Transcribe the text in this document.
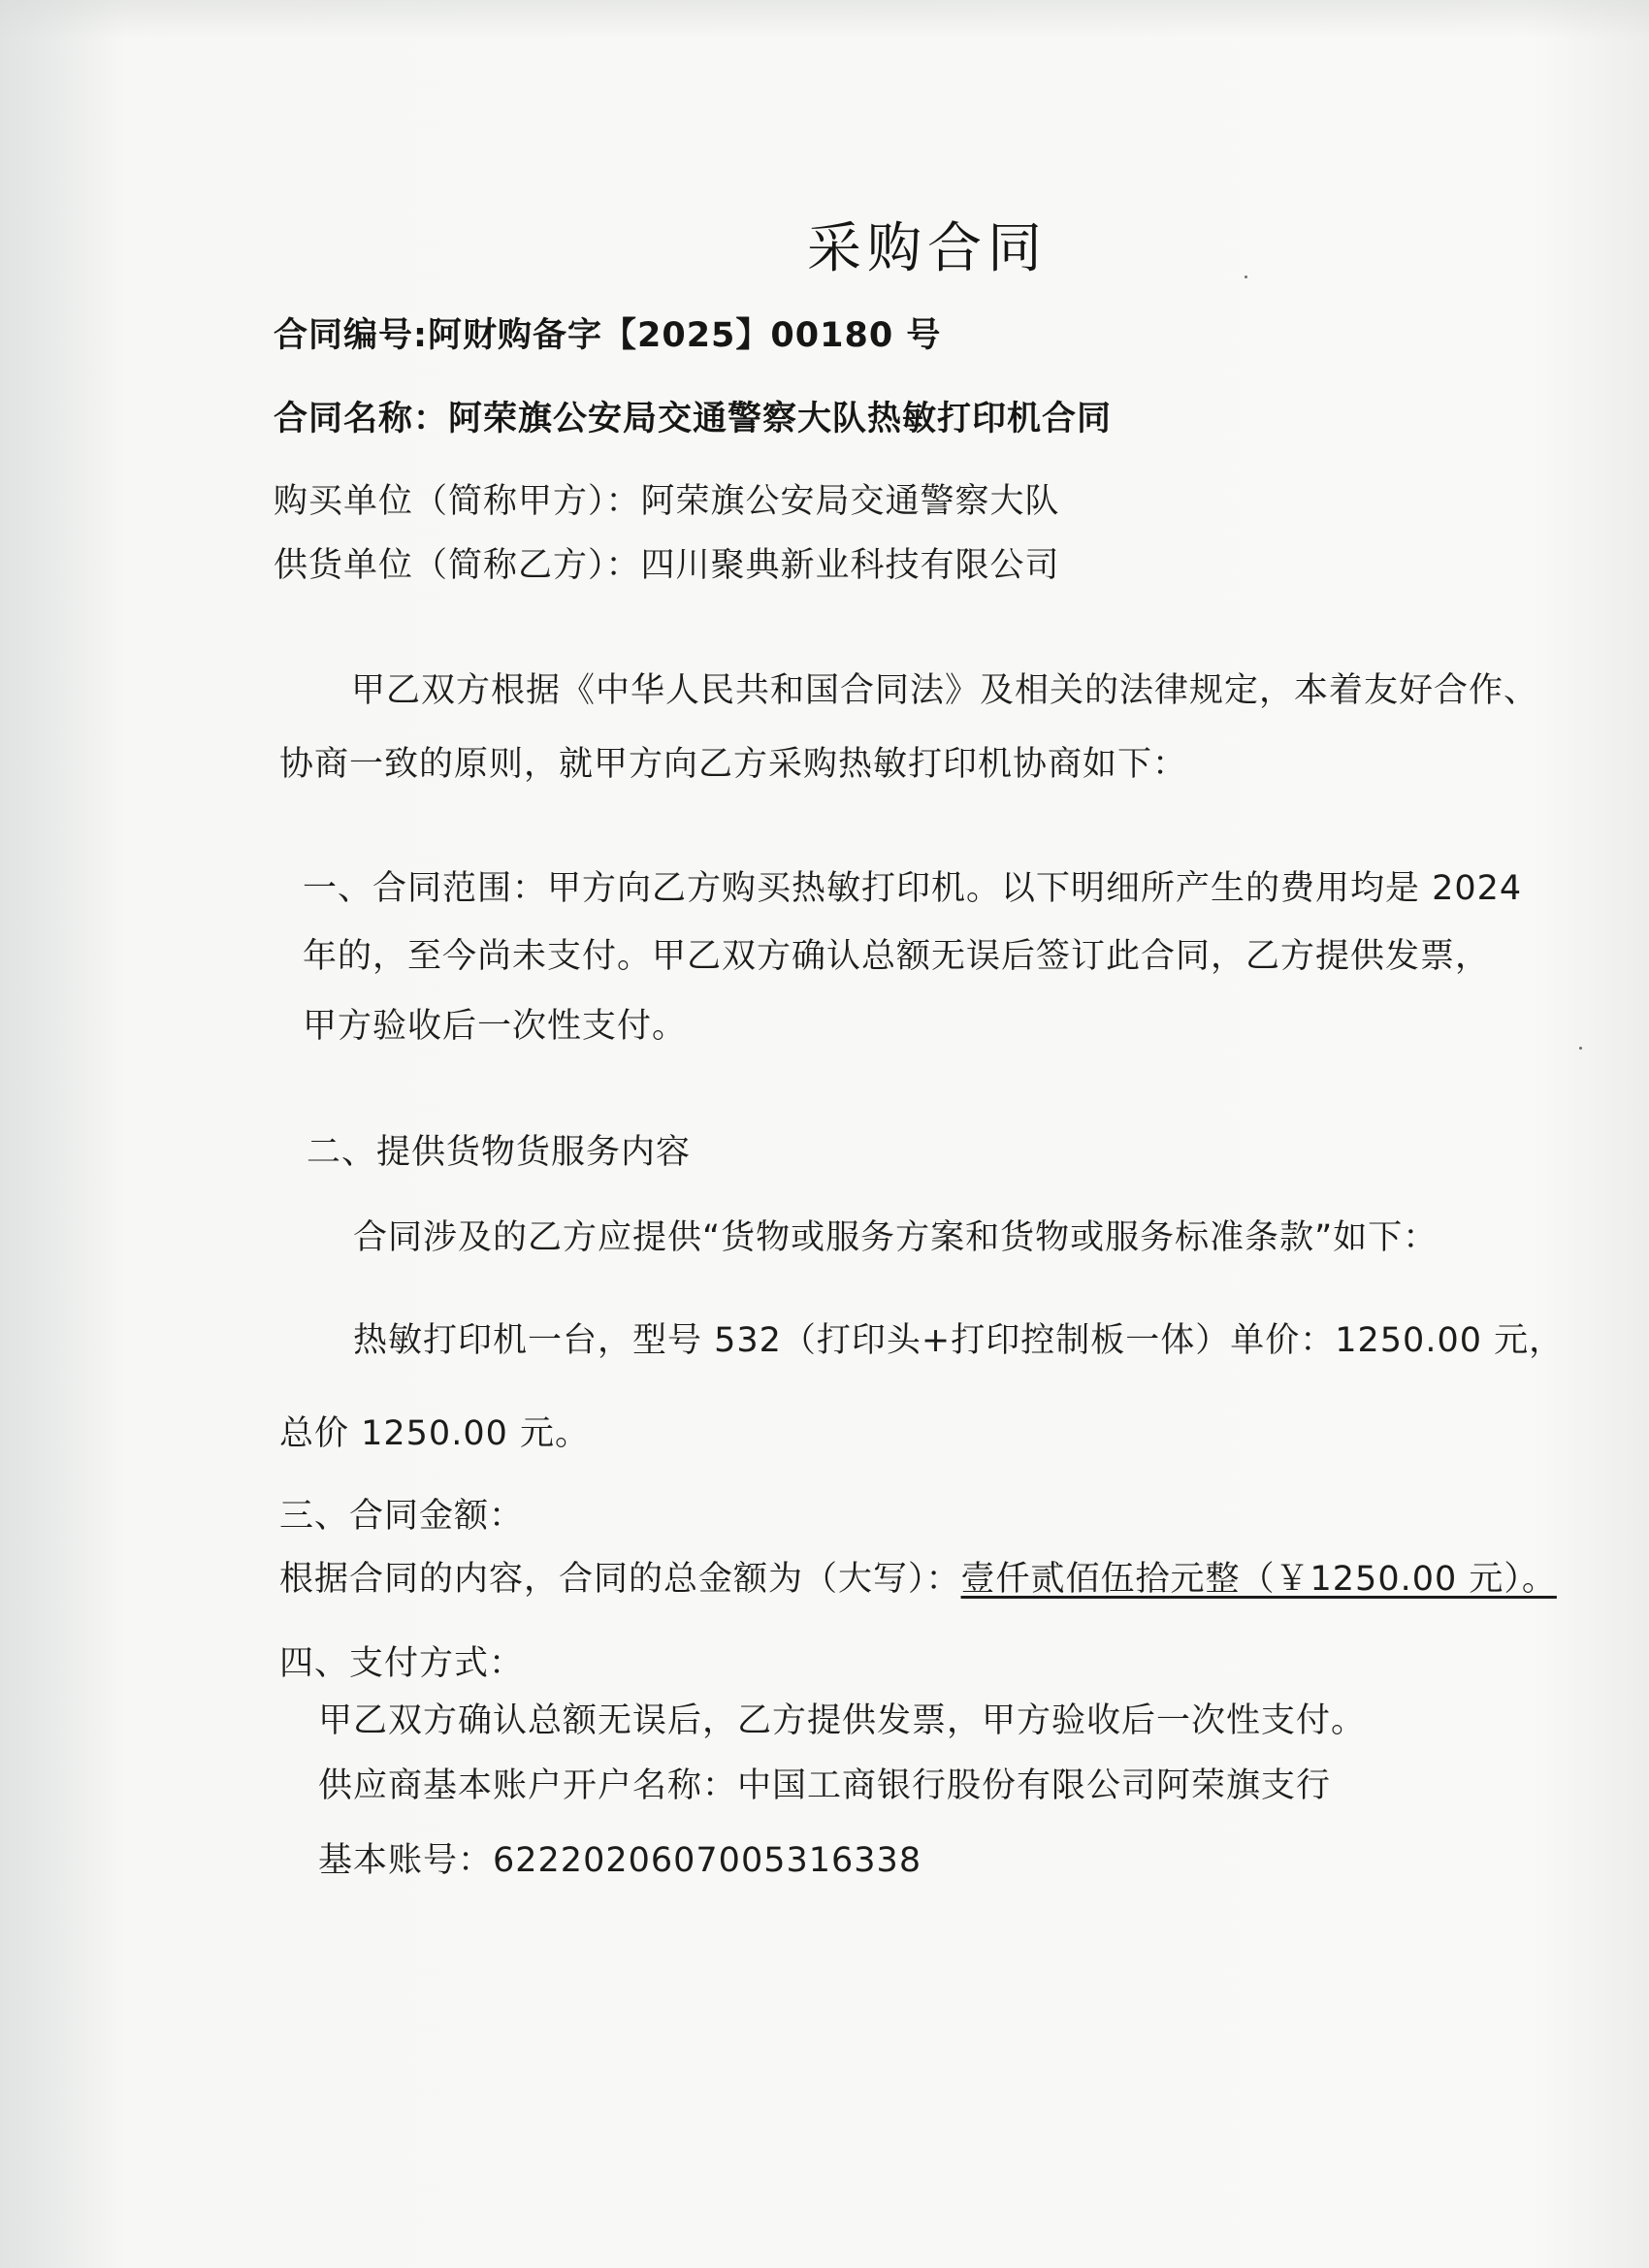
采购合同
合同编号:阿财购备字【2025】00180 号
合同名称：阿荣旗公安局交通警察大队热敏打印机合同
购买单位（简称甲方）：阿荣旗公安局交通警察大队
供货单位（简称乙方）：四川聚典新业科技有限公司
甲乙双方根据《中华人民共和国合同法》及相关的法律规定，本着友好合作、
协商一致的原则，就甲方向乙方采购热敏打印机协商如下：
一、合同范围：甲方向乙方购买热敏打印机。以下明细所产生的费用均是 2024
年的，至今尚未支付。甲乙双方确认总额无误后签订此合同，乙方提供发票，
甲方验收后一次性支付。
二、提供货物货服务内容
合同涉及的乙方应提供“货物或服务方案和货物或服务标准条款”如下：
热敏打印机一台，型号 532（打印头+打印控制板一体）单价：1250.00 元，
总价 1250.00 元。
三、合同金额：
根据合同的内容，合同的总金额为（大写）：壹仟贰佰伍拾元整（￥1250.00 元）。
四、支付方式：
甲乙双方确认总额无误后，乙方提供发票，甲方验收后一次性支付。
供应商基本账户开户名称：中国工商银行股份有限公司阿荣旗支行
基本账号：6222020607005316338
